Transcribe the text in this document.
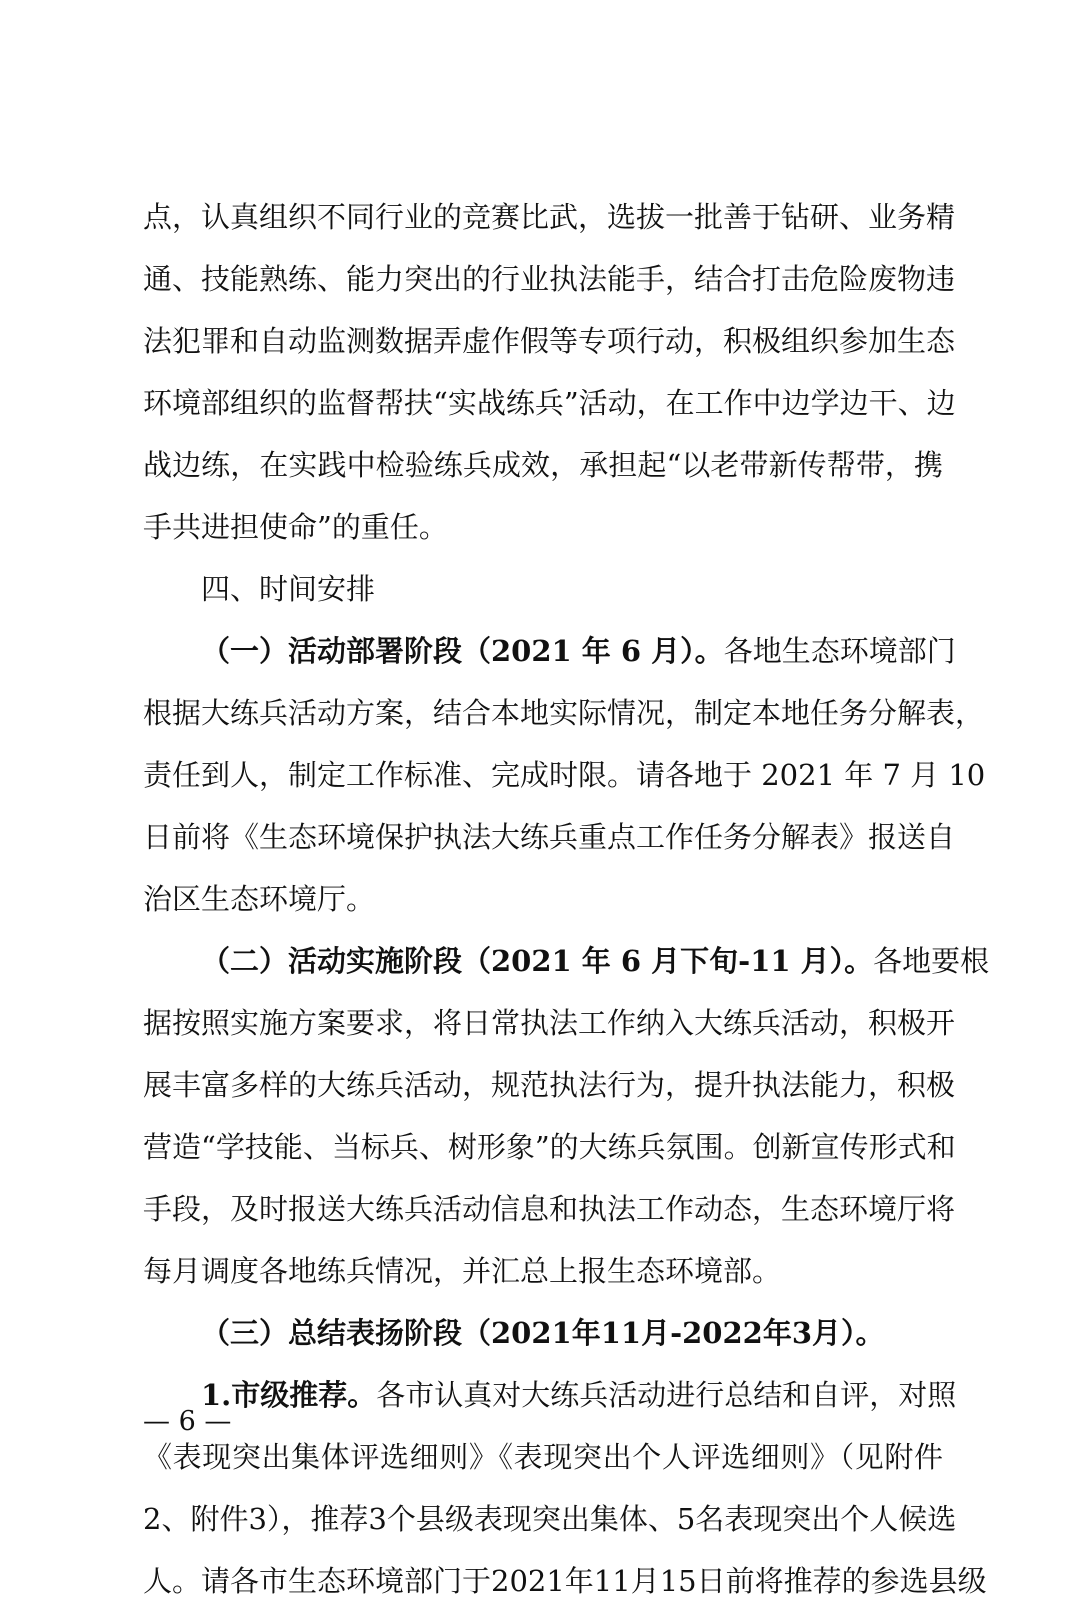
点，认真组织不同行业的竞赛比武，选拔一批善于钻研、业务精
通、技能熟练、能力突出的行业执法能手，结合打击危险废物违
法犯罪和自动监测数据弄虚作假等专项行动，积极组织参加生态
环境部组织的监督帮扶“实战练兵”活动，在工作中边学边干、边
战边练，在实践中检验练兵成效，承担起“以老带新传帮带，携
手共进担使命”的重任。
四、时间安排
（一）活动部署阶段（2021 年 6 月）。各地生态环境部门
根据大练兵活动方案，结合本地实际情况，制定本地任务分解表，
责任到人，制定工作标准、完成时限。请各地于 2021 年 7 月 10
日前将《生态环境保护执法大练兵重点工作任务分解表》报送自
治区生态环境厅。
（二）活动实施阶段（2021 年 6 月下旬-11 月）。各地要根
据按照实施方案要求，将日常执法工作纳入大练兵活动，积极开
展丰富多样的大练兵活动，规范执法行为，提升执法能力，积极
营造“学技能、当标兵、树形象”的大练兵氛围。创新宣传形式和
手段，及时报送大练兵活动信息和执法工作动态，生态环境厅将
每月调度各地练兵情况，并汇总上报生态环境部。
（三）总结表扬阶段（2021年11月-2022年3月）。
1.市级推荐。各市认真对大练兵活动进行总结和自评，对照
《表现突出集体评选细则》《表现突出个人评选细则》（见附件
2、附件3），推荐3个县级表现突出集体、5名表现突出个人候选
人。请各市生态环境部门于2021年11月15日前将推荐的参选县级
— 6 —
